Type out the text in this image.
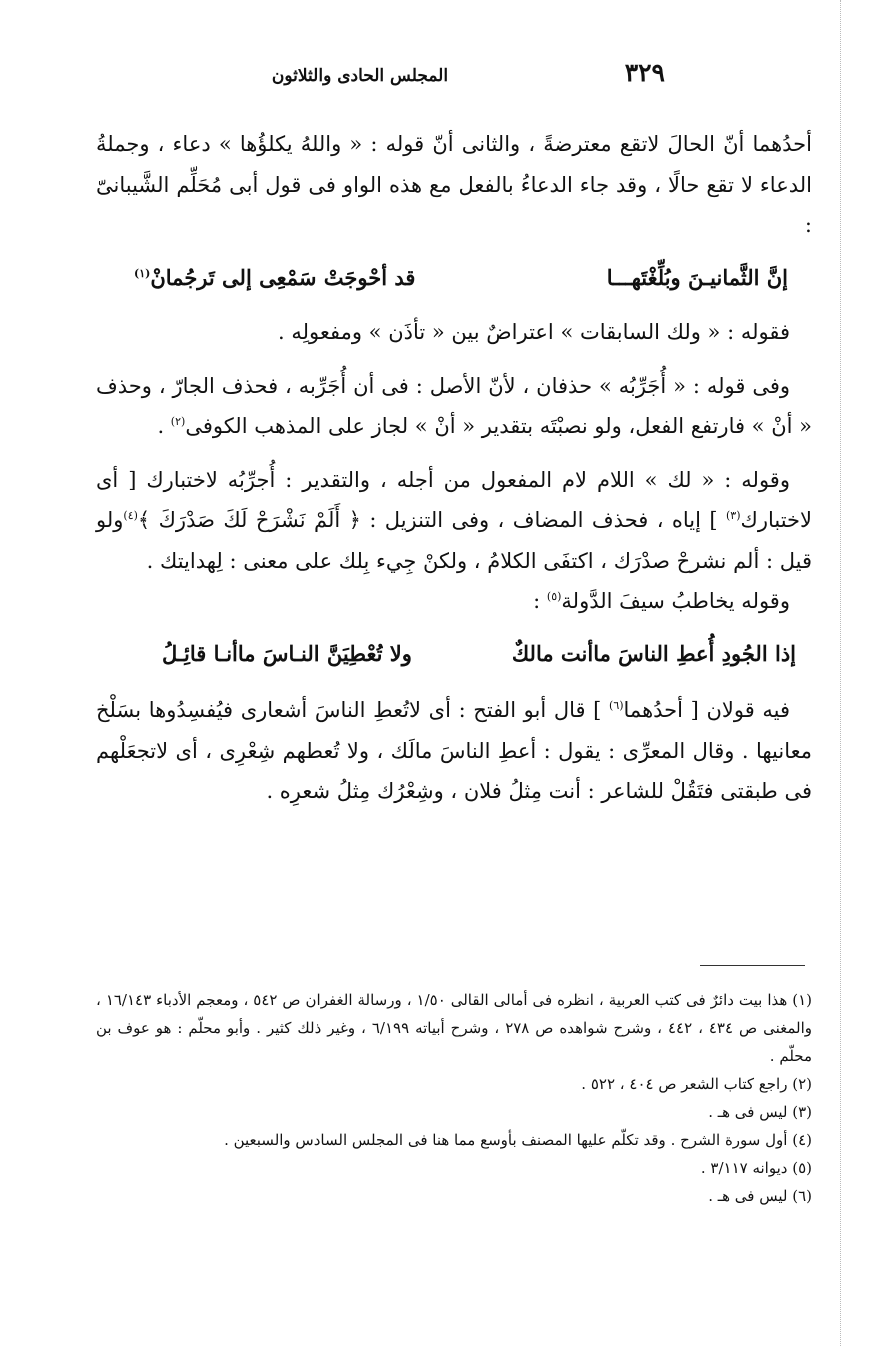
٣٢٩
المجلس الحادى والثلاثون

أحدُهما أنّ الحالَ لاتقع معترضةً ، والثانى أنّ قوله : « واللهُ يكلؤُها » دعاء ، وجملةُ الدعاء لا تقع حالًا ، وقد جاء الدعاءُ بالفعل مع هذه الواو فى قول أبى مُحَلِّم الشَّيبانىّ :

إنَّ الثَّمانيـنَ وبُلِّغْتَهـــا
قد أحْوجَتْ سَمْعِى إلى تَرجُمانْ$^{(١)}$

فقوله : « ولك السابقات » اعتراضٌ بين « تأذَن » ومفعولِه .

وفى قوله : « أُجَرِّبُه » حذفان ، لأنّ الأصل : فى أن أُجَرِّبه ، فحذف الجارّ ، وحذف « أنْ » فارتفع الفعل، ولو نصبْتَه بتقدير « أنْ » لجاز على المذهب الكوفى$^{(٢)}$ .

وقوله : « لك » اللام لام المفعول من أجله ، والتقدير : أُجرِّبُه لاختبارك [ أى لاختبارك$^{(٣)}$ ] إياه ، فحذف المضاف ، وفى التنزيل : ﴿ أَلَمْ نَشْرَحْ لَكَ صَدْرَكَ ﴾$^{(٤)}$ولو قيل : ألم نشرحْ صدْرَك ، اكتفَى الكلامُ ، ولكنْ جِيء بِلك على معنى : لِهدايتك .

وقوله يخاطبُ سيفَ الدَّولة$^{(٥)}$ :

إذا الجُودِ أُعطِ الناسَ ماأنت مالكٌ
ولا تُعْطِيَنَّ النـاسَ ماأنـا قائِـلُ

فيه قولان [ أحدُهما$^{(٦)}$ ] قال أبو الفتح : أى لاتُعطِ الناسَ أشعارى فيُفسِدُوها بسَلْخ معانيها . وقال المعرِّى : يقول : أعطِ الناسَ مالَك ، ولا تُعطهم شِعْرِى ، أى لاتجعَلْهم فى طبقتى فتَقُلْ للشاعر : أنت مِثلُ فلان ، وشِعْرُك مِثلُ شعرِه .

(١) هذا بيت دائرٌ فى كتب العربية ، انظره فى أمالى القالى ١/٥٠ ، ورسالة الغفران ص ٥٤٢ ، ومعجم الأدباء ١٦/١٤٣ ، والمغنى ص ٤٣٤ ، ٤٤٢ ، وشرح شواهده ص ٢٧٨ ، وشرح أبياته ٦/١٩٩ ، وغير ذلك كثير . وأبو محلّم : هو عوف بن محلّم .

(٢) راجع كتاب الشعر ص ٤٠٤ ، ٥٢٢ .

(٣) ليس فى هـ .

(٤) أول سورة الشرح . وقد تكلّم عليها المصنف بأوسع مما هنا فى المجلس السادس والسبعين .

(٥) ديوانه ٣/١١٧ .

(٦) ليس فى هـ .
